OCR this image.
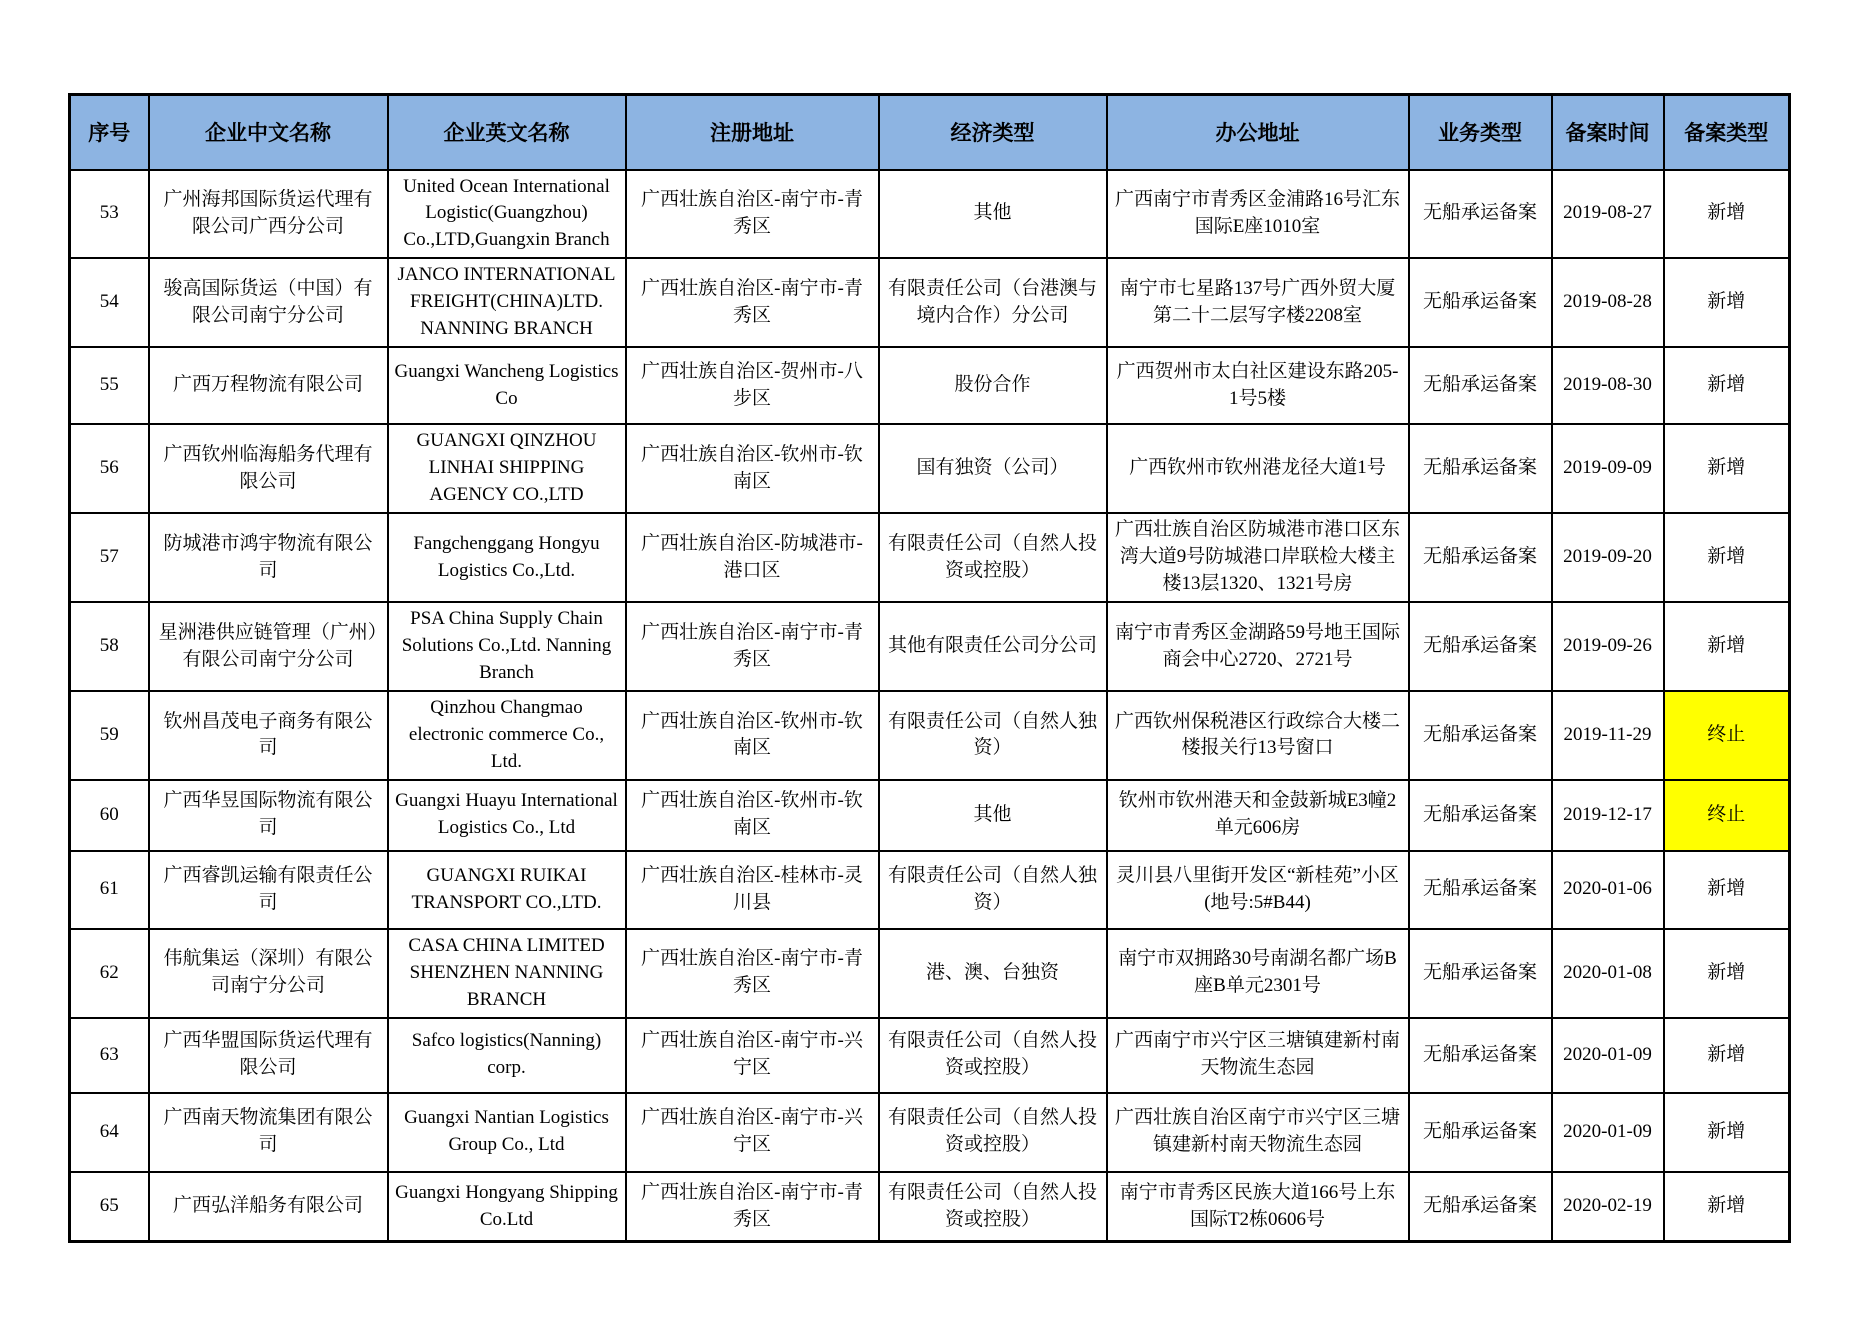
序号	企业中文名称	企业英文名称	注册地址	经济类型	办公地址	业务类型	备案时间	备案类型
53	广州海邦国际货运代理有限公司广西分公司	United Ocean International Logistic(Guangzhou) Co.,LTD,Guangxin Branch	广西壮族自治区-南宁市-青秀区	其他	广西南宁市青秀区金浦路16号汇东国际E座1010室	无船承运备案	2019-08-27	新增
54	骏高国际货运（中国）有限公司南宁分公司	JANCO INTERNATIONAL FREIGHT(CHINA)LTD. NANNING BRANCH	广西壮族自治区-南宁市-青秀区	有限责任公司（台港澳与境内合作）分公司	南宁市七星路137号广西外贸大厦第二十二层写字楼2208室	无船承运备案	2019-08-28	新增
55	广西万程物流有限公司	Guangxi Wancheng Logistics Co	广西壮族自治区-贺州市-八步区	股份合作	广西贺州市太白社区建设东路205-1号5楼	无船承运备案	2019-08-30	新增
56	广西钦州临海船务代理有限公司	GUANGXI QINZHOU LINHAI SHIPPING AGENCY CO.,LTD	广西壮族自治区-钦州市-钦南区	国有独资（公司）	广西钦州市钦州港龙径大道1号	无船承运备案	2019-09-09	新增
57	防城港市鸿宇物流有限公司	Fangchenggang Hongyu Logistics Co.,Ltd.	广西壮族自治区-防城港市-港口区	有限责任公司（自然人投资或控股）	广西壮族自治区防城港市港口区东湾大道9号防城港口岸联检大楼主楼13层1320、1321号房	无船承运备案	2019-09-20	新增
58	星洲港供应链管理（广州）有限公司南宁分公司	PSA China Supply Chain Solutions Co.,Ltd. Nanning Branch	广西壮族自治区-南宁市-青秀区	其他有限责任公司分公司	南宁市青秀区金湖路59号地王国际商会中心2720、2721号	无船承运备案	2019-09-26	新增
59	钦州昌茂电子商务有限公司	Qinzhou Changmao electronic commerce Co., Ltd.	广西壮族自治区-钦州市-钦南区	有限责任公司（自然人独资）	广西钦州保税港区行政综合大楼二楼报关行13号窗口	无船承运备案	2019-11-29	终止
60	广西华昱国际物流有限公司	Guangxi Huayu International Logistics Co., Ltd	广西壮族自治区-钦州市-钦南区	其他	钦州市钦州港天和金鼓新城E3幢2单元606房	无船承运备案	2019-12-17	终止
61	广西睿凯运输有限责任公司	GUANGXI RUIKAI TRANSPORT CO.,LTD.	广西壮族自治区-桂林市-灵川县	有限责任公司（自然人独资）	灵川县八里街开发区“新桂苑”小区(地号:5#B44)	无船承运备案	2020-01-06	新增
62	伟航集运（深圳）有限公司南宁分公司	CASA CHINA LIMITED SHENZHEN NANNING BRANCH	广西壮族自治区-南宁市-青秀区	港、澳、台独资	南宁市双拥路30号南湖名都广场B座B单元2301号	无船承运备案	2020-01-08	新增
63	广西华盟国际货运代理有限公司	Safco logistics(Nanning) corp.	广西壮族自治区-南宁市-兴宁区	有限责任公司（自然人投资或控股）	广西南宁市兴宁区三塘镇建新村南天物流生态园	无船承运备案	2020-01-09	新增
64	广西南天物流集团有限公司	Guangxi Nantian Logistics Group Co., Ltd	广西壮族自治区-南宁市-兴宁区	有限责任公司（自然人投资或控股）	广西壮族自治区南宁市兴宁区三塘镇建新村南天物流生态园	无船承运备案	2020-01-09	新增
65	广西弘洋船务有限公司	Guangxi Hongyang Shipping Co.Ltd	广西壮族自治区-南宁市-青秀区	有限责任公司（自然人投资或控股）	南宁市青秀区民族大道166号上东国际T2栋0606号	无船承运备案	2020-02-19	新增
